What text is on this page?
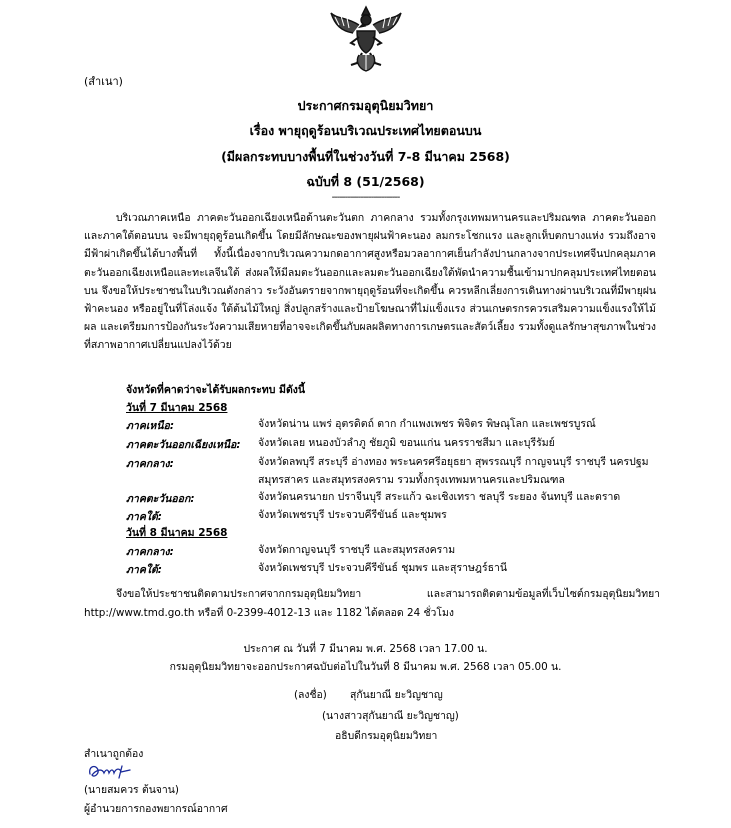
(สำเนา)
ประกาศกรมอุตุนิยมวิทยา
เรื่อง พายุฤดูร้อนบริเวณประเทศไทยตอนบน
(มีผลกระทบบางพื้นที่ในช่วงวันที่ 7-8 มีนาคม 2568)
ฉบับที่ 8 (51/2568)
--------------------------
บริเวณภาคเหนือ ภาคตะวันออกเฉียงเหนือด้านตะวันตก ภาคกลาง รวมทั้งกรุงเทพมหานครและปริมณฑล ภาคตะวันออกและภาคใต้ตอนบน จะมีพายุฤดูร้อนเกิดขึ้น โดยมีลักษณะของพายุฝนฟ้าคะนอง ลมกระโชกแรง และลูกเห็บตกบางแห่ง รวมถึงอาจมีฟ้าผ่าเกิดขึ้นได้บางพื้นที่ ทั้งนี้เนื่องจากบริเวณความกดอากาศสูงหรือมวลอากาศเย็นกำลังปานกลางจากประเทศจีนปกคลุมภาคตะวันออกเฉียงเหนือและทะเลจีนใต้ ส่งผลให้มีลมตะวันออกและลมตะวันออกเฉียงใต้พัดนำความชื้นเข้ามาปกคลุมประเทศไทยตอนบน จึงขอให้ประชาชนในบริเวณดังกล่าว ระวังอันตรายจากพายุฤดูร้อนที่จะเกิดขึ้น ควรหลีกเลี่ยงการเดินทางผ่านบริเวณที่มีพายุฝนฟ้าคะนอง หรืออยู่ในที่โล่งแจ้ง ใต้ต้นไม้ใหญ่ สิ่งปลูกสร้างและป้ายโฆษณาที่ไม่แข็งแรง ส่วนเกษตรกรควรเสริมความแข็งแรงให้ไม้ผล และเตรียมการป้องกันระวังความเสียหายที่อาจจะเกิดขึ้นกับผลผลิตทางการเกษตรและสัตว์เลี้ยง รวมทั้งดูแลรักษาสุขภาพในช่วงที่สภาพอากาศเปลี่ยนแปลงไว้ด้วย
จังหวัดที่คาดว่าจะได้รับผลกระทบ มีดังนี้
วันที่ 7 มีนาคม 2568
ภาคเหนือ:	จังหวัดน่าน แพร่ อุตรดิตถ์ ตาก กำแพงเพชร พิจิตร พิษณุโลก และเพชรบูรณ์
ภาคตะวันออกเฉียงเหนือ: จังหวัดเลย หนองบัวลำภู ชัยภูมิ ขอนแก่น นครราชสีมา และบุรีรัมย์
ภาคกลาง:	จังหวัดลพบุรี สระบุรี อ่างทอง พระนครศรีอยุธยา สุพรรณบุรี กาญจนบุรี ราชบุรี นครปฐม สมุทรสาคร และสมุทรสงคราม รวมทั้งกรุงเทพมหานครและปริมณฑล
ภาคตะวันออก:	จังหวัดนครนายก ปราจีนบุรี สระแก้ว ฉะเชิงเทรา ชลบุรี ระยอง จันทบุรี และตราด
ภาคใต้:	จังหวัดเพชรบุรี ประจวบคีรีขันธ์ และชุมพร
วันที่ 8 มีนาคม 2568
ภาคกลาง:	จังหวัดกาญจนบุรี ราชบุรี และสมุทรสงคราม
ภาคใต้:	จังหวัดเพชรบุรี ประจวบคีรีขันธ์ ชุมพร และสุราษฎร์ธานี
จึงขอให้ประชาชนติดตามประกาศจากกรมอุตุนิยมวิทยา และสามารถติดตามข้อมูลที่เว็บไซต์กรมอุตุนิยมวิทยา http://www.tmd.go.th หรือที่ 0-2399-4012-13 และ 1182 ได้ตลอด 24 ชั่วโมง
ประกาศ ณ วันที่ 7 มีนาคม พ.ศ. 2568 เวลา 17.00 น.
กรมอุตุนิยมวิทยาจะออกประกาศฉบับต่อไปในวันที่ 8 มีนาคม พ.ศ. 2568 เวลา 05.00 น.
(ลงชื่อ) สุกันยาณี ยะวิญชาญ
(นางสาวสุกันยาณี ยะวิญชาญ)
อธิบดีกรมอุตุนิยมวิทยา
สำเนาถูกต้อง
(นายสมควร ต้นจาน)
ผู้อำนวยการกองพยากรณ์อากาศ
